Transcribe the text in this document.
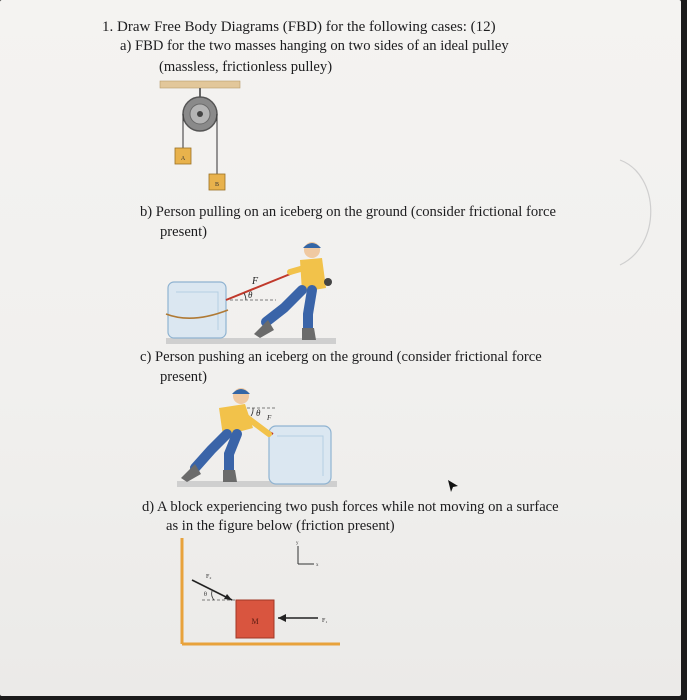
1. Draw Free Body Diagrams (FBD) for the following cases: (12)
a) FBD for the two masses hanging on two sides of an ideal pulley
(massless, frictionless pulley)
b) Person pulling on an iceberg on the ground (consider frictional force
present)
c) Person pushing an iceberg on the ground (consider frictional force
present)
d) A block experiencing two push forces while not moving on a surface
as in the figure below (friction present)
A
B
θ
F
θ F
θ
F₂
M	F₁
y
x
